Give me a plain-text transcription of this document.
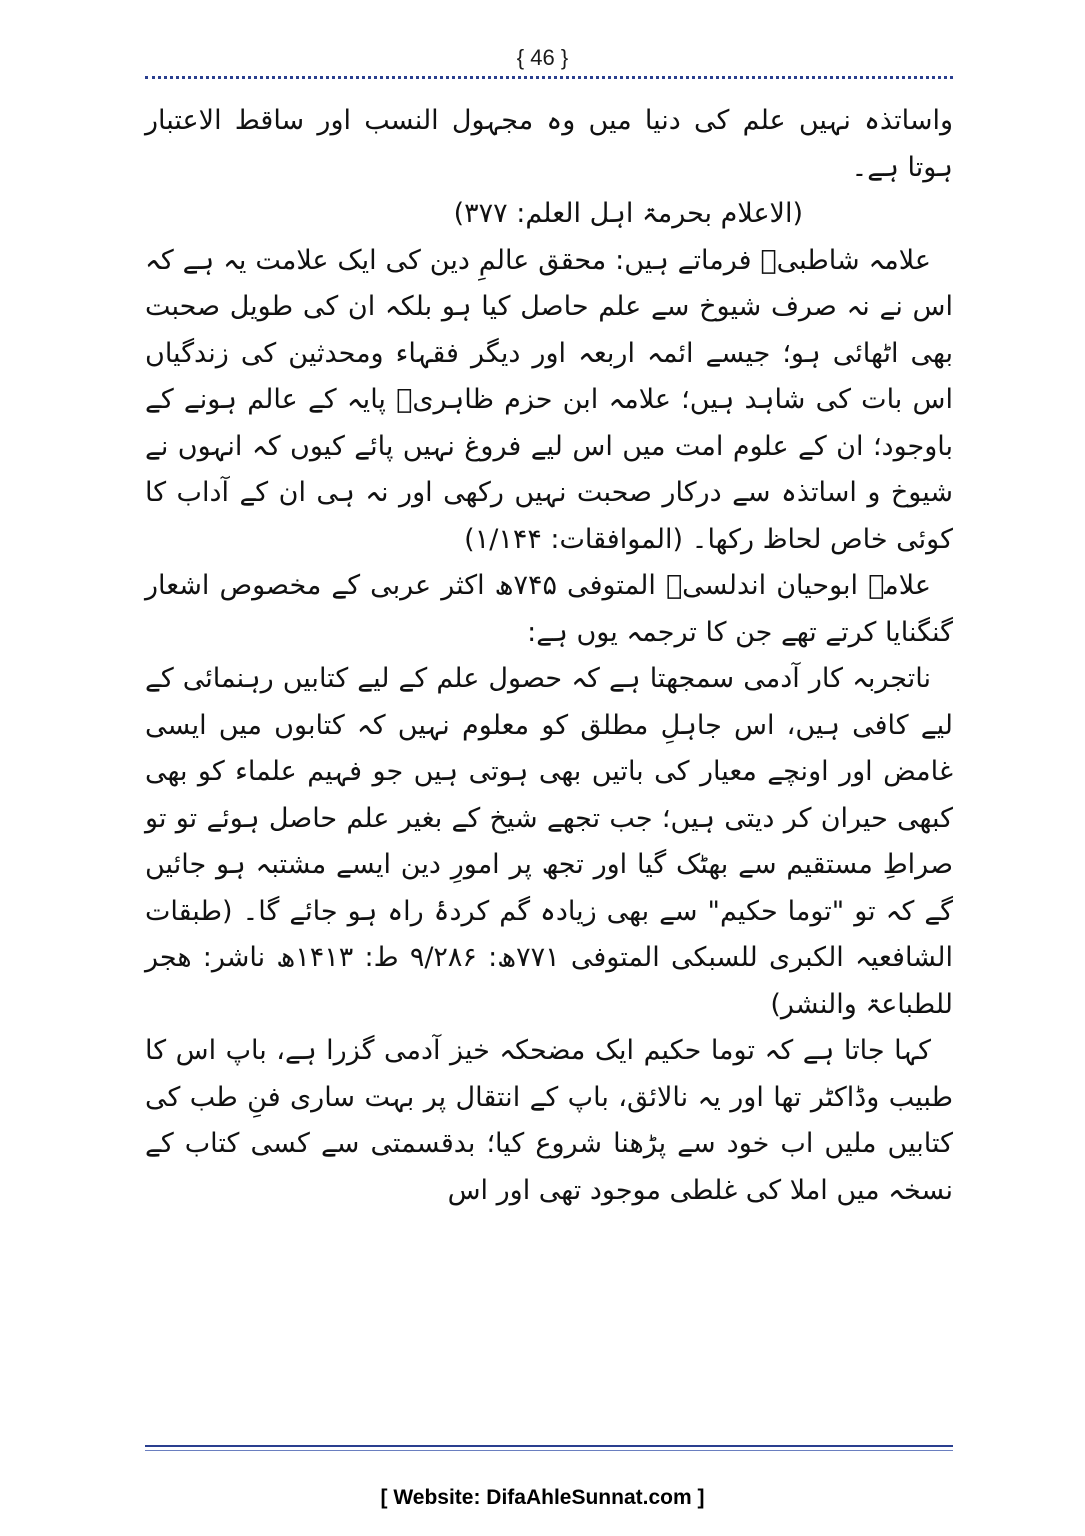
{ 46 }

واساتذہ نہیں علم کی دنیا میں وہ مجہول النسب اور ساقط الاعتبار ہوتا ہے۔

(الاعلام بحرمۃ اہل العلم: ۳۷۷)

علامہ شاطبیؒ فرماتے ہیں: محقق عالمِ دین کی ایک علامت یہ ہے کہ اس نے نہ صرف شیوخ سے علم حاصل کیا ہو بلکہ ان کی طویل صحبت بھی اٹھائی ہو؛ جیسے ائمہ اربعہ اور دیگر فقہاء ومحدثین کی زندگیاں اس بات کی شاہد ہیں؛ علامہ ابن حزم ظاہریؒ پایہ کے عالم ہونے کے باوجود؛ ان کے علوم امت میں اس لیے فروغ نہیں پائے کیوں کہ انہوں نے شیوخ و اساتذہ سے درکار صحبت نہیں رکھی اور نہ ہی ان کے آداب کا کوئی خاص لحاظ رکھا۔ (الموافقات: ۱/۱۴۴)

علامہ ابوحیان اندلسیؒ المتوفی ۷۴۵ھ اکثر عربی کے مخصوص اشعار گنگنایا کرتے تھے جن کا ترجمہ یوں ہے:

ناتجربہ کار آدمی سمجھتا ہے کہ حصول علم کے لیے کتابیں رہنمائی کے لیے کافی ہیں، اس جاہلِ مطلق کو معلوم نہیں کہ کتابوں میں ایسی غامض اور اونچے معیار کی باتیں بھی ہوتی ہیں جو فہیم علماء کو بھی کبھی حیران کر دیتی ہیں؛ جب تجھے شیخ کے بغیر علم حاصل ہوئے تو تو صراطِ مستقیم سے بھٹک گیا اور تجھ پر امورِ دین ایسے مشتبہ ہو جائیں گے کہ تو "توما حکیم" سے بھی زیادہ گم کردۂ راہ ہو جائے گا۔ (طبقات الشافعیہ الکبری للسبکی المتوفی ۷۷۱ھ: ۹/۲۸۶ ط: ۱۴۱۳ھ ناشر: ھجر للطباعۃ والنشر)

کہا جاتا ہے کہ توما حکیم ایک مضحکہ خیز آدمی گزرا ہے، باپ اس کا طبیب وڈاکٹر تھا اور یہ نالائق، باپ کے انتقال پر بہت ساری فنِ طب کی کتابیں ملیں اب خود سے پڑھنا شروع کیا؛ بدقسمتی سے کسی کتاب کے نسخہ میں املا کی غلطی موجود تھی اور اس

[ Website: DifaAhleSunnat.com ]
